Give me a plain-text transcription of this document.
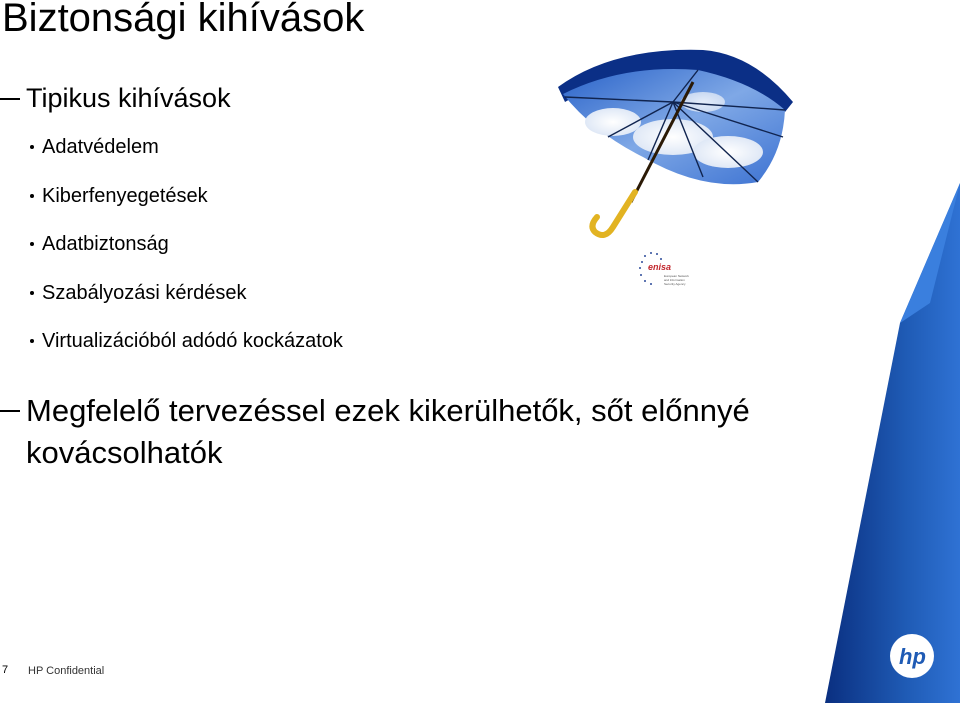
Biztonsági kihívások
Tipikus kihívások
Adatvédelem
Kiberfenyegetések
Adatbiztonság
Szabályozási kérdések
Virtualizációból adódó kockázatok
Megfelelő tervezéssel ezek kikerülhetők, sőt előnnyé
kovácsolhatók
enisa
European Network
and Information
Security Agency
hp
7 HP Confidential
